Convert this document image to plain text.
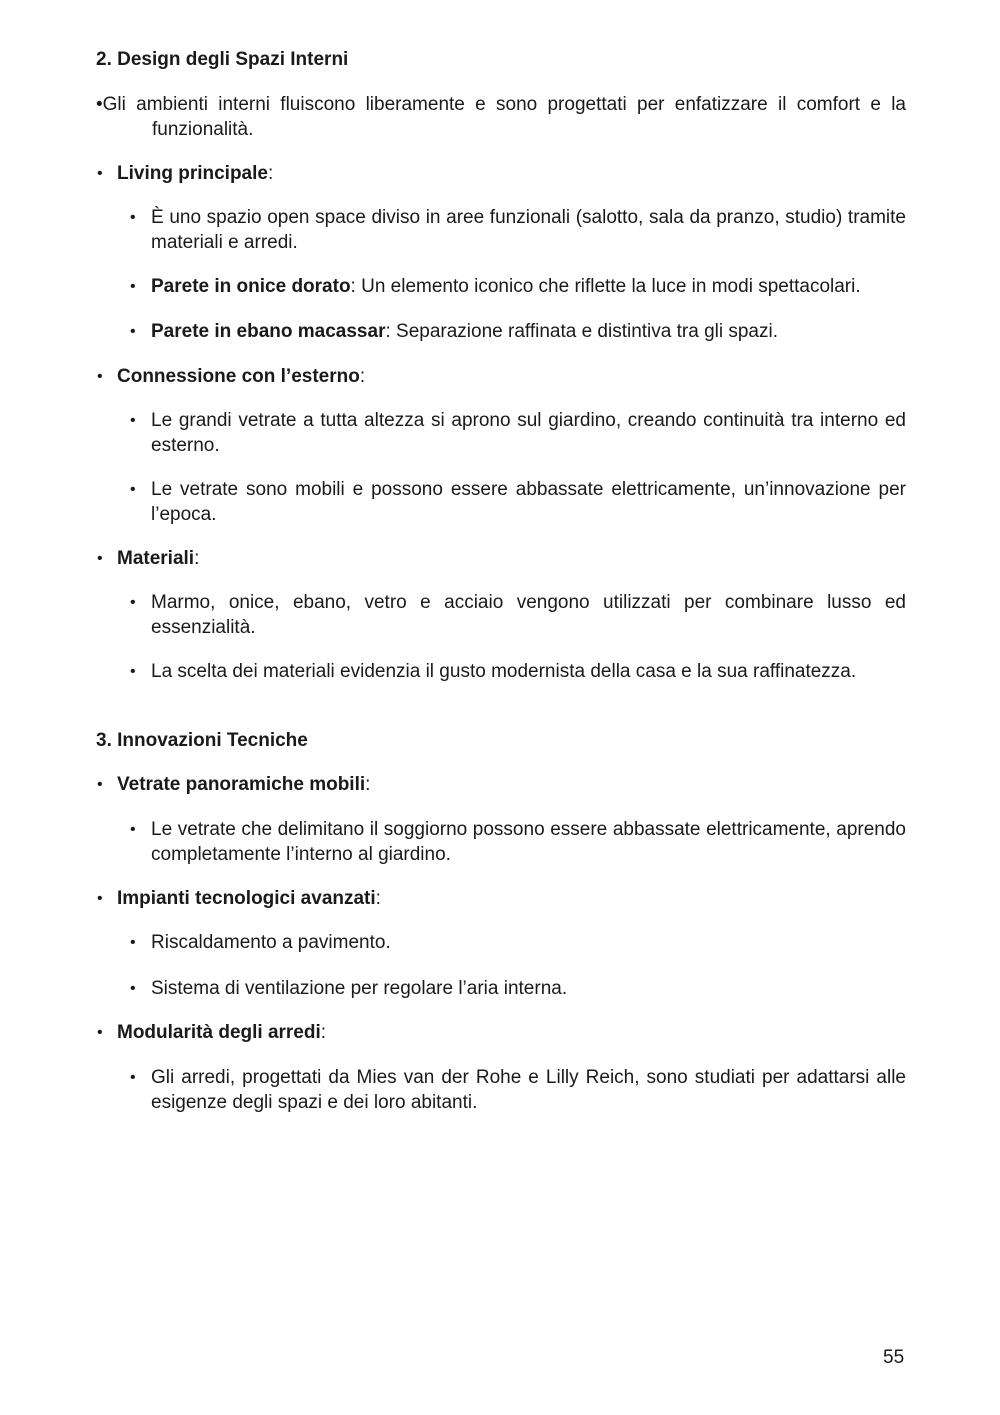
2. Design degli Spazi Interni

•Gli ambienti interni fluiscono liberamente e sono progettati per enfatizzare il comfort e la funzionalità.

• Living principale:

• È uno spazio open space diviso in aree funzionali (salotto, sala da pranzo, studio) tramite materiali e arredi.

• Parete in onice dorato: Un elemento iconico che riflette la luce in modi spettacolari.

• Parete in ebano macassar: Separazione raffinata e distintiva tra gli spazi.

• Connessione con l’esterno:

• Le grandi vetrate a tutta altezza si aprono sul giardino, creando continuità tra interno ed esterno.

• Le vetrate sono mobili e possono essere abbassate elettricamente, un’innovazione per l’epoca.

• Materiali:

• Marmo, onice, ebano, vetro e acciaio vengono utilizzati per combinare lusso ed essenzialità.

• La scelta dei materiali evidenzia il gusto modernista della casa e la sua raffinatezza.

3. Innovazioni Tecniche

• Vetrate panoramiche mobili:

• Le vetrate che delimitano il soggiorno possono essere abbassate elettricamente, aprendo completamente l’interno al giardino.

• Impianti tecnologici avanzati:

• Riscaldamento a pavimento.

• Sistema di ventilazione per regolare l’aria interna.

• Modularità degli arredi:

• Gli arredi, progettati da Mies van der Rohe e Lilly Reich, sono studiati per adattarsi alle esigenze degli spazi e dei loro abitanti.

55
